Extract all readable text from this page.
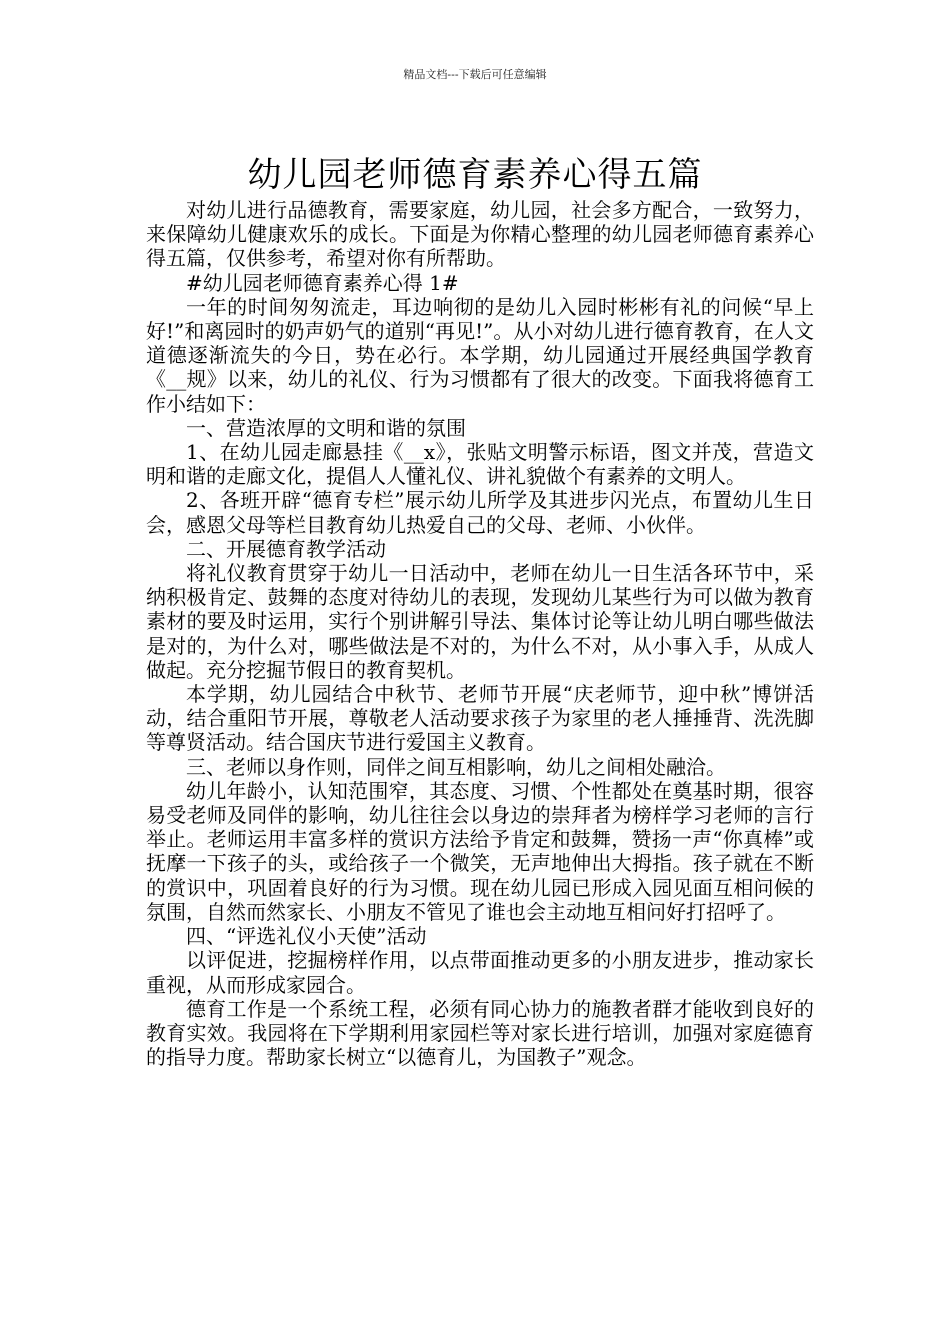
精品文档---下载后可任意编辑
幼儿园老师德育素养心得五篇

对幼儿进行品德教育，需要家庭，幼儿园，社会多方配合，一致努力，来保障幼儿健康欢乐的成长。下面是为你精心整理的幼儿园老师德育素养心得五篇，仅供参考，希望对你有所帮助。

#幼儿园老师德育素养心得 1#

一年的时间匆匆流走，耳边响彻的是幼儿入园时彬彬有礼的问候“早上好!”和离园时的奶声奶气的道别“再见!”。从小对幼儿进行德育教育，在人文道德逐渐流失的今日，势在必行。本学期，幼儿园通过开展经典国学教育《__规》以来，幼儿的礼仪、行为习惯都有了很大的改变。下面我将德育工作小结如下：

一、营造浓厚的文明和谐的氛围

1、在幼儿园走廊悬挂《__x》，张贴文明警示标语，图文并茂，营造文明和谐的走廊文化，提倡人人懂礼仪、讲礼貌做个有素养的文明人。

2、各班开辟“德育专栏”展示幼儿所学及其进步闪光点，布置幼儿生日会，感恩父母等栏目教育幼儿热爱自己的父母、老师、小伙伴。

二、开展德育教学活动

将礼仪教育贯穿于幼儿一日活动中，老师在幼儿一日生活各环节中，采纳积极肯定、鼓舞的态度对待幼儿的表现，发现幼儿某些行为可以做为教育素材的要及时运用，实行个别讲解引导法、集体讨论等让幼儿明白哪些做法是对的，为什么对，哪些做法是不对的，为什么不对，从小事入手，从成人做起。充分挖掘节假日的教育契机。

本学期，幼儿园结合中秋节、老师节开展“庆老师节，迎中秋”博饼活动，结合重阳节开展，尊敬老人活动要求孩子为家里的老人捶捶背、洗洗脚等尊贤活动。结合国庆节进行爱国主义教育。

三、老师以身作则，同伴之间互相影响，幼儿之间相处融洽。

幼儿年龄小，认知范围窄，其态度、习惯、个性都处在奠基时期，很容易受老师及同伴的影响，幼儿往往会以身边的崇拜者为榜样学习老师的言行举止。老师运用丰富多样的赏识方法给予肯定和鼓舞，赞扬一声“你真棒”或抚摩一下孩子的头，或给孩子一个微笑，无声地伸出大拇指。孩子就在不断的赏识中，巩固着良好的行为习惯。现在幼儿园已形成入园见面互相问候的氛围，自然而然家长、小朋友不管见了谁也会主动地互相问好打招呼了。

四、“评选礼仪小天使”活动

以评促进，挖掘榜样作用，以点带面推动更多的小朋友进步，推动家长重视，从而形成家园合。

德育工作是一个系统工程，必须有同心协力的施教者群才能收到良好的教育实效。我园将在下学期利用家园栏等对家长进行培训，加强对家庭德育的指导力度。帮助家长树立“以德育儿，为国教子”观念。
